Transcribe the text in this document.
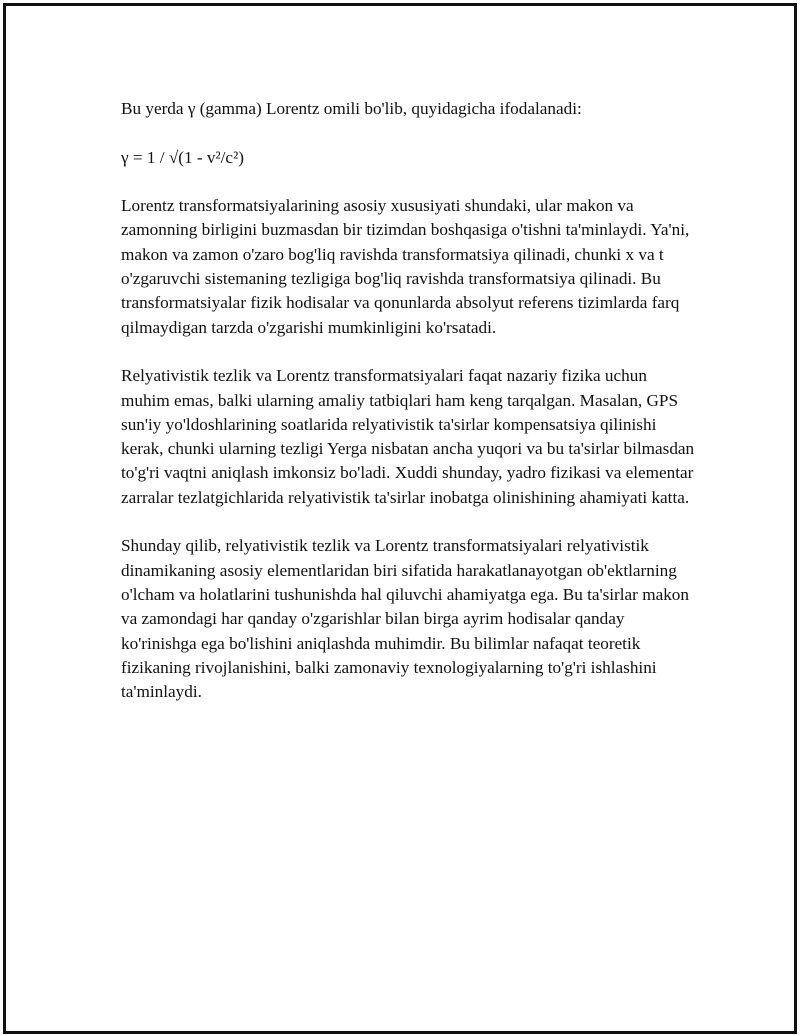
Bu yerda γ (gamma) Lorentz omili bo'lib, quyidagicha ifodalanadi:

γ = 1 / √(1 - v²/c²)

Lorentz transformatsiyalarining asosiy xususiyati shundaki, ular makon va zamonning birligini buzmasdan bir tizimdan boshqasiga o'tishni ta'minlaydi. Ya'ni, makon va zamon o'zaro bog'liq ravishda transformatsiya qilinadi, chunki x va t o'zgaruvchi sistemaning tezligiga bog'liq ravishda transformatsiya qilinadi. Bu transformatsiyalar fizik hodisalar va qonunlarda absolyut referens tizimlarda farq qilmaydigan tarzda o'zgarishi mumkinligini ko'rsatadi.

Relyativistik tezlik va Lorentz transformatsiyalari faqat nazariy fizika uchun muhim emas, balki ularning amaliy tatbiqlari ham keng tarqalgan. Masalan, GPS sun'iy yo'ldoshlarining soatlarida relyativistik ta'sirlar kompensatsiya qilinishi kerak, chunki ularning tezligi Yerga nisbatan ancha yuqori va bu ta'sirlar bilmasdan to'g'ri vaqtni aniqlash imkonsiz bo'ladi. Xuddi shunday, yadro fizikasi va elementar zarralar tezlatgichlarida relyativistik ta'sirlar inobatga olinishining ahamiyati katta.

Shunday qilib, relyativistik tezlik va Lorentz transformatsiyalari relyativistik dinamikaning asosiy elementlaridan biri sifatida harakatlanayotgan ob'ektlarning o'lcham va holatlarini tushunishda hal qiluvchi ahamiyatga ega. Bu ta'sirlar makon va zamondagi har qanday o'zgarishlar bilan birga ayrim hodisalar qanday ko'rinishga ega bo'lishini aniqlashda muhimdir. Bu bilimlar nafaqat teoretik fizikaning rivojlanishini, balki zamonaviy texnologiyalarning to'g'ri ishlashini ta'minlaydi.
